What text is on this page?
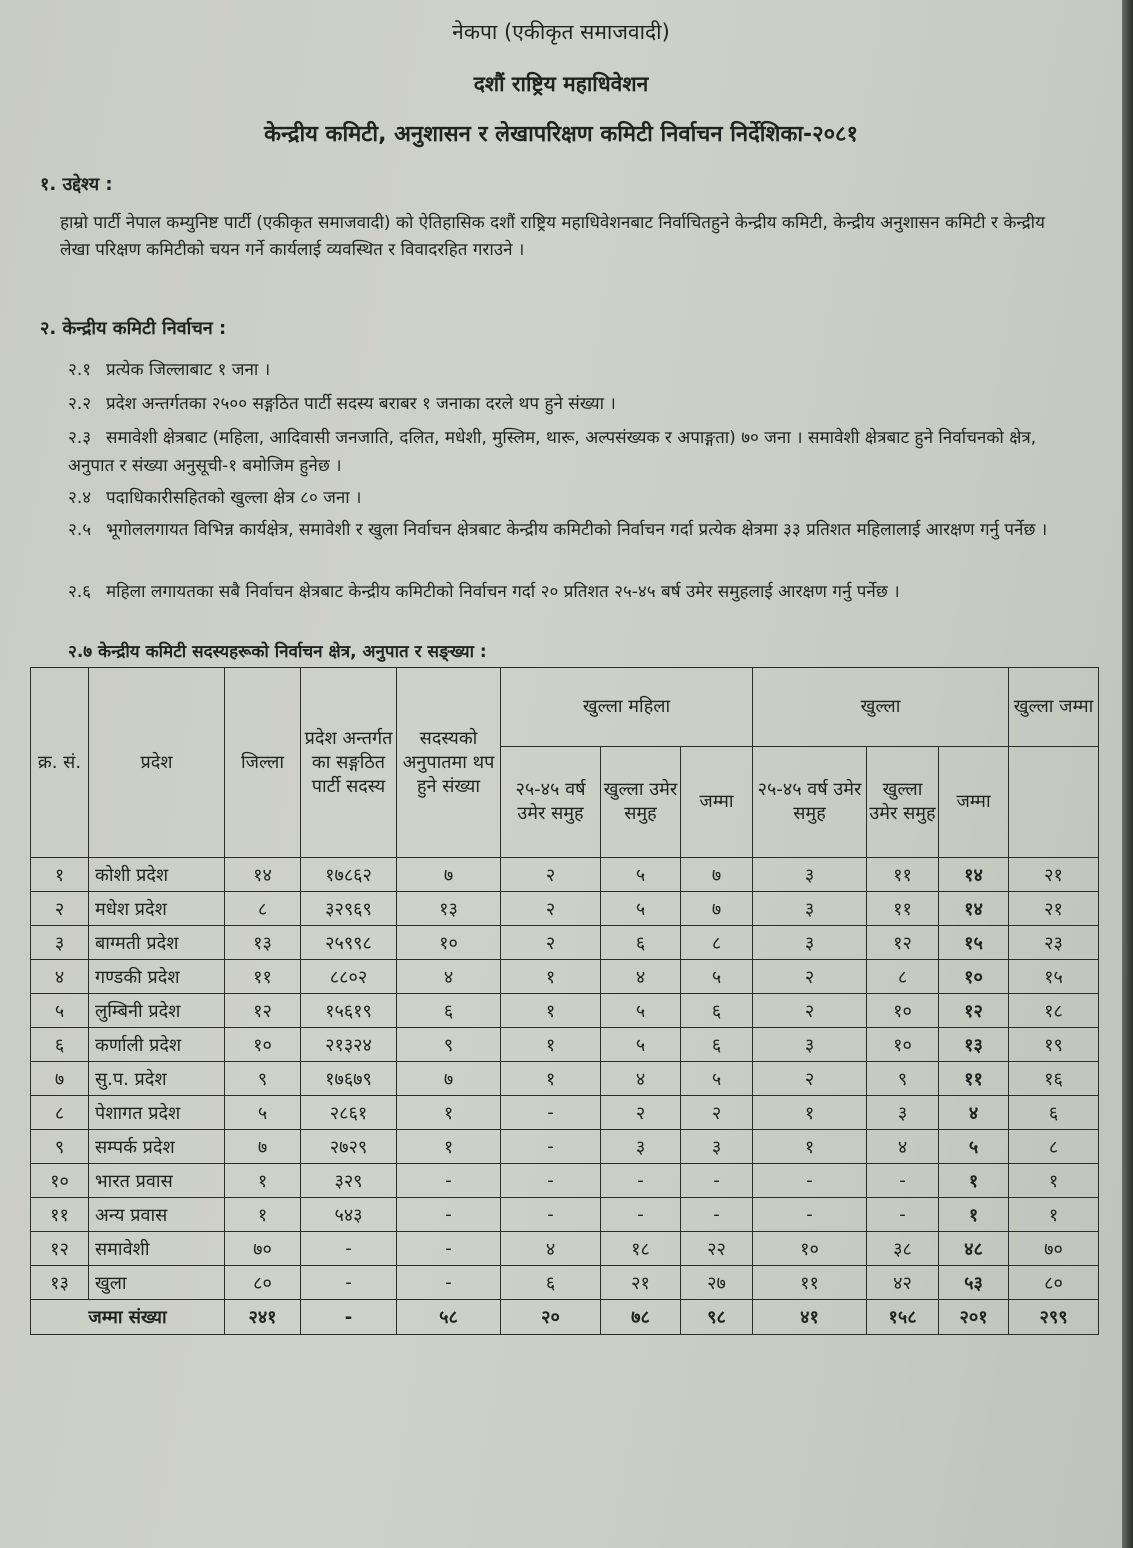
नेकपा (एकीकृत समाजवादी)
दशौं राष्ट्रिय महाधिवेशन
केन्द्रीय कमिटी, अनुशासन र लेखापरिक्षण कमिटी निर्वाचन निर्देशिका-२०८१
१. उद्देश्य :
हाम्रो पार्टी नेपाल कम्युनिष्ट पार्टी (एकीकृत समाजवादी) को ऐतिहासिक दशौं राष्ट्रिय महाधिवेशनबाट निर्वाचितहुने केन्द्रीय कमिटी, केन्द्रीय अनुशासन कमिटी र केन्द्रीय लेखा परिक्षण कमिटीको चयन गर्ने कार्यलाई व्यवस्थित र विवादरहित गराउने ।
२. केन्द्रीय कमिटी निर्वाचन :
२.१ प्रत्येक जिल्लाबाट १ जना ।
२.२ प्रदेश अन्तर्गतका २५०० सङ्गठित पार्टी सदस्य बराबर १ जनाका दरले थप हुने संख्या ।
२.३ समावेशी क्षेत्रबाट (महिला, आदिवासी जनजाति, दलित, मधेशी, मुस्लिम, थारू, अल्पसंख्यक र अपाङ्गता) ७० जना । समावेशी क्षेत्रबाट हुने निर्वाचनको क्षेत्र, अनुपात र संख्या अनुसूची-१ बमोजिम हुनेछ ।
२.४ पदाधिकारीसहितको खुल्ला क्षेत्र ८० जना ।
२.५ भूगोललगायत विभिन्न कार्यक्षेत्र, समावेशी र खुला निर्वाचन क्षेत्रबाट केन्द्रीय कमिटीको निर्वाचन गर्दा प्रत्येक क्षेत्रमा ३३ प्रतिशत महिलालाई आरक्षण गर्नु पर्नेछ ।
२.६ महिला लगायतका सबै निर्वाचन क्षेत्रबाट केन्द्रीय कमिटीको निर्वाचन गर्दा २० प्रतिशत २५-४५ बर्ष उमेर समुहलाई आरक्षण गर्नु पर्नेछ ।
२.७ केन्द्रीय कमिटी सदस्यहरूको निर्वाचन क्षेत्र, अनुपात र सङ्ख्या :
क्र. सं.	प्रदेश	जिल्ला	प्रदेश अन्तर्गत का सङ्गठित पार्टी सदस्य	सदस्यको अनुपातमा थप हुने संख्या	खुल्ला महिला			खुल्ला			खुल्ला जम्मा
					२५-४५ वर्ष उमेर समुह	खुल्ला उमेर समुह	जम्मा	२५-४५ वर्ष उमेर समुह	खुल्ला उमेर समुह	जम्मा	
१	कोशी प्रदेश	१४	१७८६२	७	२	५	७	३	११	१४	२१
२	मधेश प्रदेश	८	३२९६९	१३	२	५	७	३	११	१४	२१
३	बाग्मती प्रदेश	१३	२५९९८	१०	२	६	८	३	१२	१५	२३
४	गण्डकी प्रदेश	११	८८०२	४	१	४	५	२	८	१०	१५
५	लुम्बिनी प्रदेश	१२	१५६१९	६	१	५	६	२	१०	१२	१८
६	कर्णाली प्रदेश	१०	२१३२४	९	१	५	६	३	१०	१३	१९
७	सु.प. प्रदेश	९	१७६७९	७	१	४	५	२	९	११	१६
८	पेशागत प्रदेश	५	२८६१	१	-	२	२	१	३	४	६
९	सम्पर्क प्रदेश	७	२७२९	१	-	३	३	१	४	५	८
१०	भारत प्रवास	१	३२९	-	-	-	-	-	-	१	१
११	अन्य प्रवास	१	५४३	-	-	-	-	-	-	१	१
१२	समावेशी	७०	-	-	४	१८	२२	१०	३८	४८	७०
१३	खुला	८०	-	-	६	२१	२७	११	४२	५३	८०
जम्मा संख्या		२४१	-	५८	२०	७८	९८	४१	१५८	२०१	२९९
